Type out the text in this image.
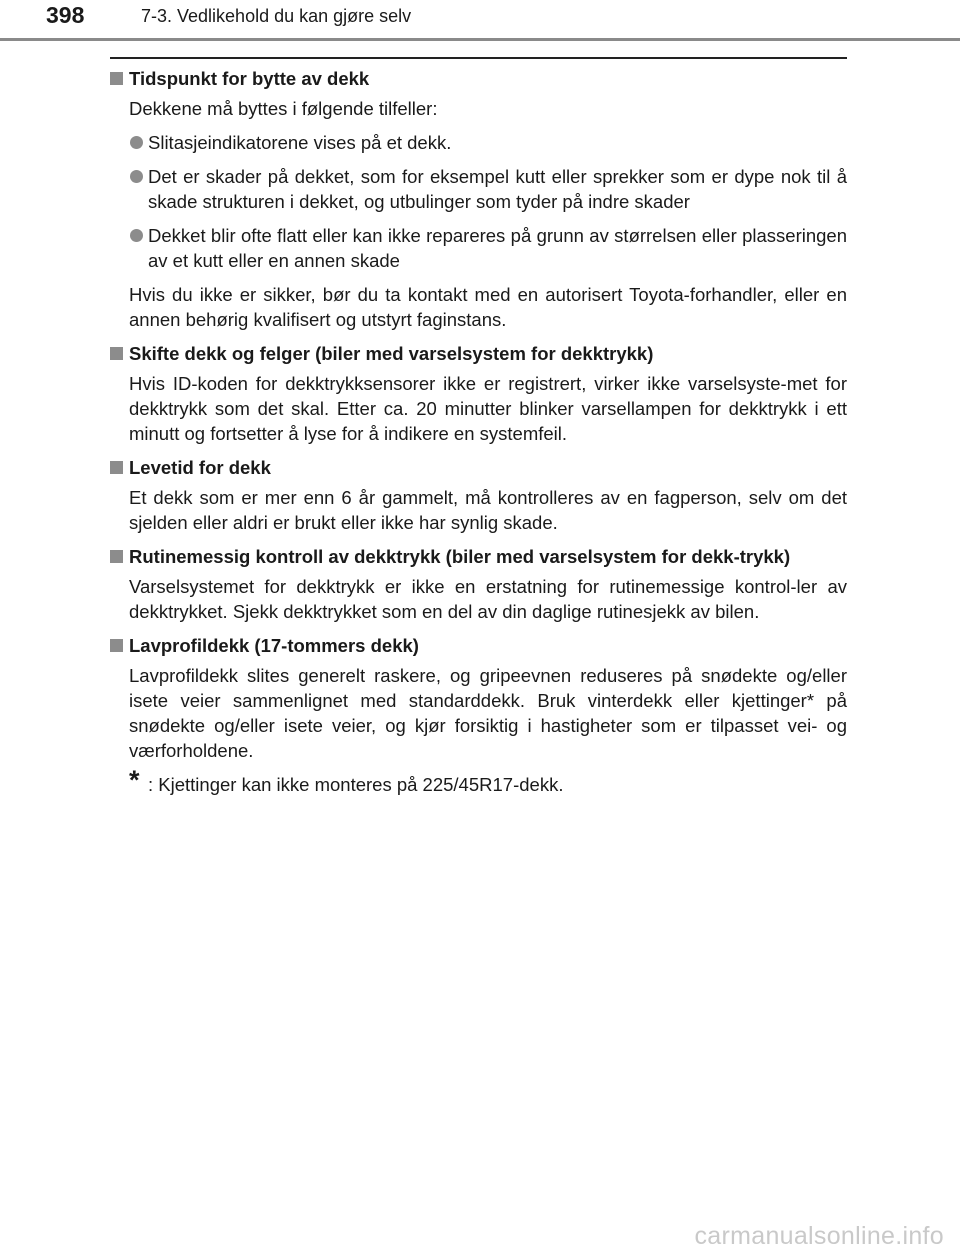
398	7-3. Vedlikehold du kan gjøre selv
Tidspunkt for bytte av dekk
Dekkene må byttes i følgende tilfeller:
Slitasjeindikatorene vises på et dekk.
Det er skader på dekket, som for eksempel kutt eller sprekker som er dype nok til å skade strukturen i dekket, og utbulinger som tyder på indre skader
Dekket blir ofte flatt eller kan ikke repareres på grunn av størrelsen eller plasseringen av et kutt eller en annen skade
Hvis du ikke er sikker, bør du ta kontakt med en autorisert Toyota-forhandler, eller en annen behørig kvalifisert og utstyrt faginstans.
Skifte dekk og felger (biler med varselsystem for dekktrykk)
Hvis ID-koden for dekktrykksensorer ikke er registrert, virker ikke varselsyste-met for dekktrykk som det skal. Etter ca. 20 minutter blinker varsellampen for dekktrykk i ett minutt og fortsetter å lyse for å indikere en systemfeil.
Levetid for dekk
Et dekk som er mer enn 6 år gammelt, må kontrolleres av en fagperson, selv om det sjelden eller aldri er brukt eller ikke har synlig skade.
Rutinemessig kontroll av dekktrykk (biler med varselsystem for dekk-trykk)
Varselsystemet for dekktrykk er ikke en erstatning for rutinemessige kontrol-ler av dekktrykket. Sjekk dekktrykket som en del av din daglige rutinesjekk av bilen.
Lavprofildekk (17-tommers dekk)
Lavprofildekk slites generelt raskere, og gripeevnen reduseres på snødekte og/eller isete veier sammenlignet med standarddekk. Bruk vinterdekk eller kjettinger* på snødekte og/eller isete veier, og kjør forsiktig i hastigheter som er tilpasset vei- og værforholdene.
* : Kjettinger kan ikke monteres på 225/45R17-dekk.
carmanualsonline.info
